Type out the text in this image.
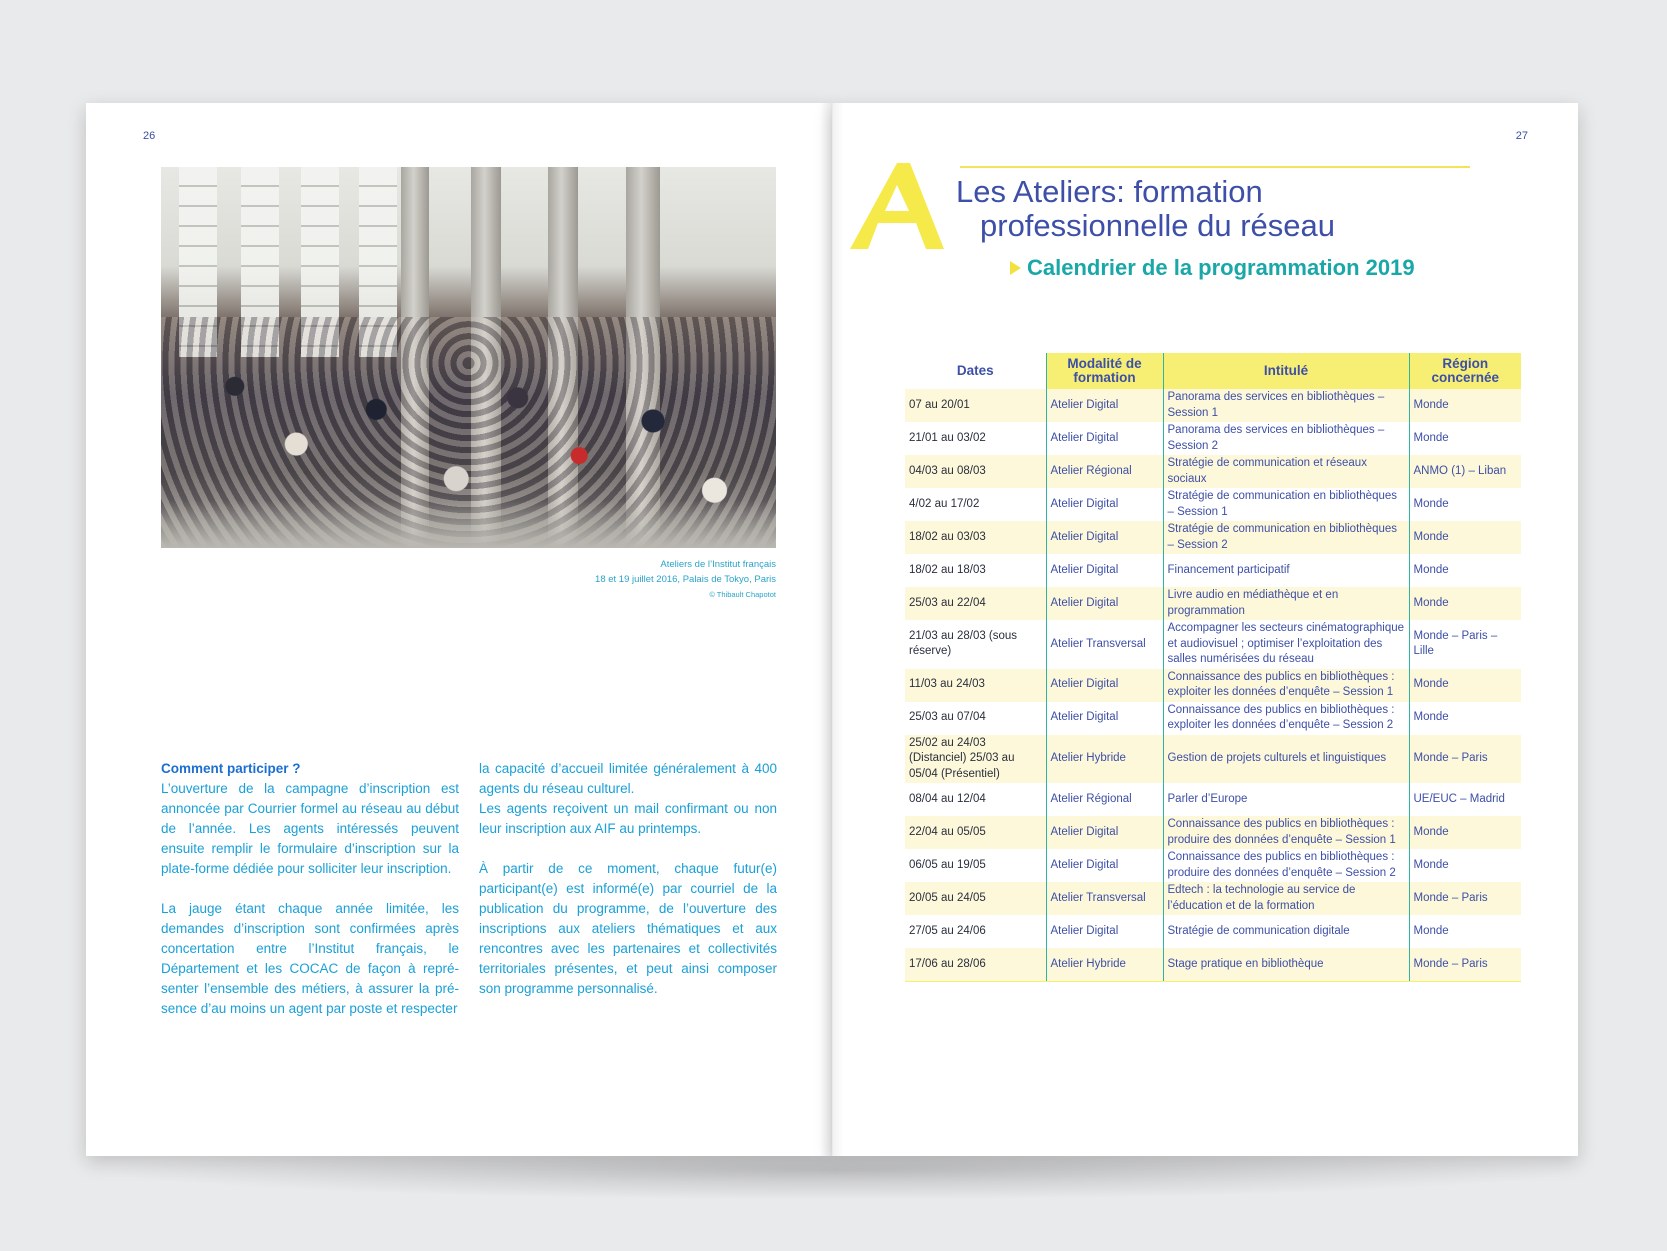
26
Ateliers de l’Institut français
18 et 19 juillet 2016, Palais de Tokyo, Paris
© Thibault Chapotot

Comment participer ?
L’ouverture de la campagne d’inscription est annoncée par Courrier formel au réseau au début de l’année. Les agents intéressés peuvent ensuite remplir le formulaire d’inscription sur la plate-forme dédiée pour solliciter leur inscription.

La jauge étant chaque année limitée, les demandes d’inscription sont confirmées après concertation entre l’Institut français, le Département et les COCAC de façon à repré-senter l’ensemble des métiers, à assurer la pré-sence d’au moins un agent par poste et respecter

la capacité d’accueil limitée généralement à 400 agents du réseau culturel.

Les agents reçoivent un mail confirmant ou non leur inscription aux AIF au printemps.

À partir de ce moment, chaque futur(e) participant(e) est informé(e) par courriel de la publication du programme, de l’ouverture des inscriptions aux ateliers thématiques et aux rencontres avec les partenaires et collectivités territoriales présentes, et peut ainsi composer son programme personnalisé.

27
Les Ateliers: formation
professionnelle du réseau
Calendrier de la programmation 2019
Dates	Modalité de formation	Intitulé	Région concernée
07 au 20/01	Atelier Digital	Panorama des services en bibliothèques – Session 1	Monde
21/01 au 03/02	Atelier Digital	Panorama des services en bibliothèques – Session 2	Monde
04/03 au 08/03	Atelier Régional	Stratégie de communication et réseaux sociaux	ANMO (1) – Liban
4/02 au 17/02	Atelier Digital	Stratégie de communication en bibliothèques – Session 1	Monde
18/02 au 03/03	Atelier Digital	Stratégie de communication en bibliothèques – Session 2	Monde
18/02 au 18/03	Atelier Digital	Financement participatif	Monde
25/03 au 22/04	Atelier Digital	Livre audio en médiathèque et en programmation	Monde
21/03 au 28/03 (sous réserve)	Atelier Transversal	Accompagner les secteurs cinématographique et audiovisuel ; optimiser l’exploitation des salles numérisées du réseau	Monde – Paris – Lille
11/03 au 24/03	Atelier Digital	Connaissance des publics en bibliothèques : exploiter les données d’enquête – Session 1	Monde
25/03 au 07/04	Atelier Digital	Connaissance des publics en bibliothèques : exploiter les données d’enquête – Session 2	Monde
25/02 au 24/03 (Distanciel) 25/03 au 05/04 (Présentiel)	Atelier Hybride	Gestion de projets culturels et linguistiques	Monde – Paris
08/04 au 12/04	Atelier Régional	Parler d’Europe	UE/EUC – Madrid
22/04 au 05/05	Atelier Digital	Connaissance des publics en bibliothèques : produire des données d’enquête – Session 1	Monde
06/05 au 19/05	Atelier Digital	Connaissance des publics en bibliothèques : produire des données d’enquête – Session 2	Monde
20/05 au 24/05	Atelier Transversal	Edtech : la technologie au service de l’éducation et de la formation	Monde – Paris
27/05 au 24/06	Atelier Digital	Stratégie de communication digitale	Monde
17/06 au 28/06	Atelier Hybride	Stage pratique en bibliothèque	Monde – Paris
